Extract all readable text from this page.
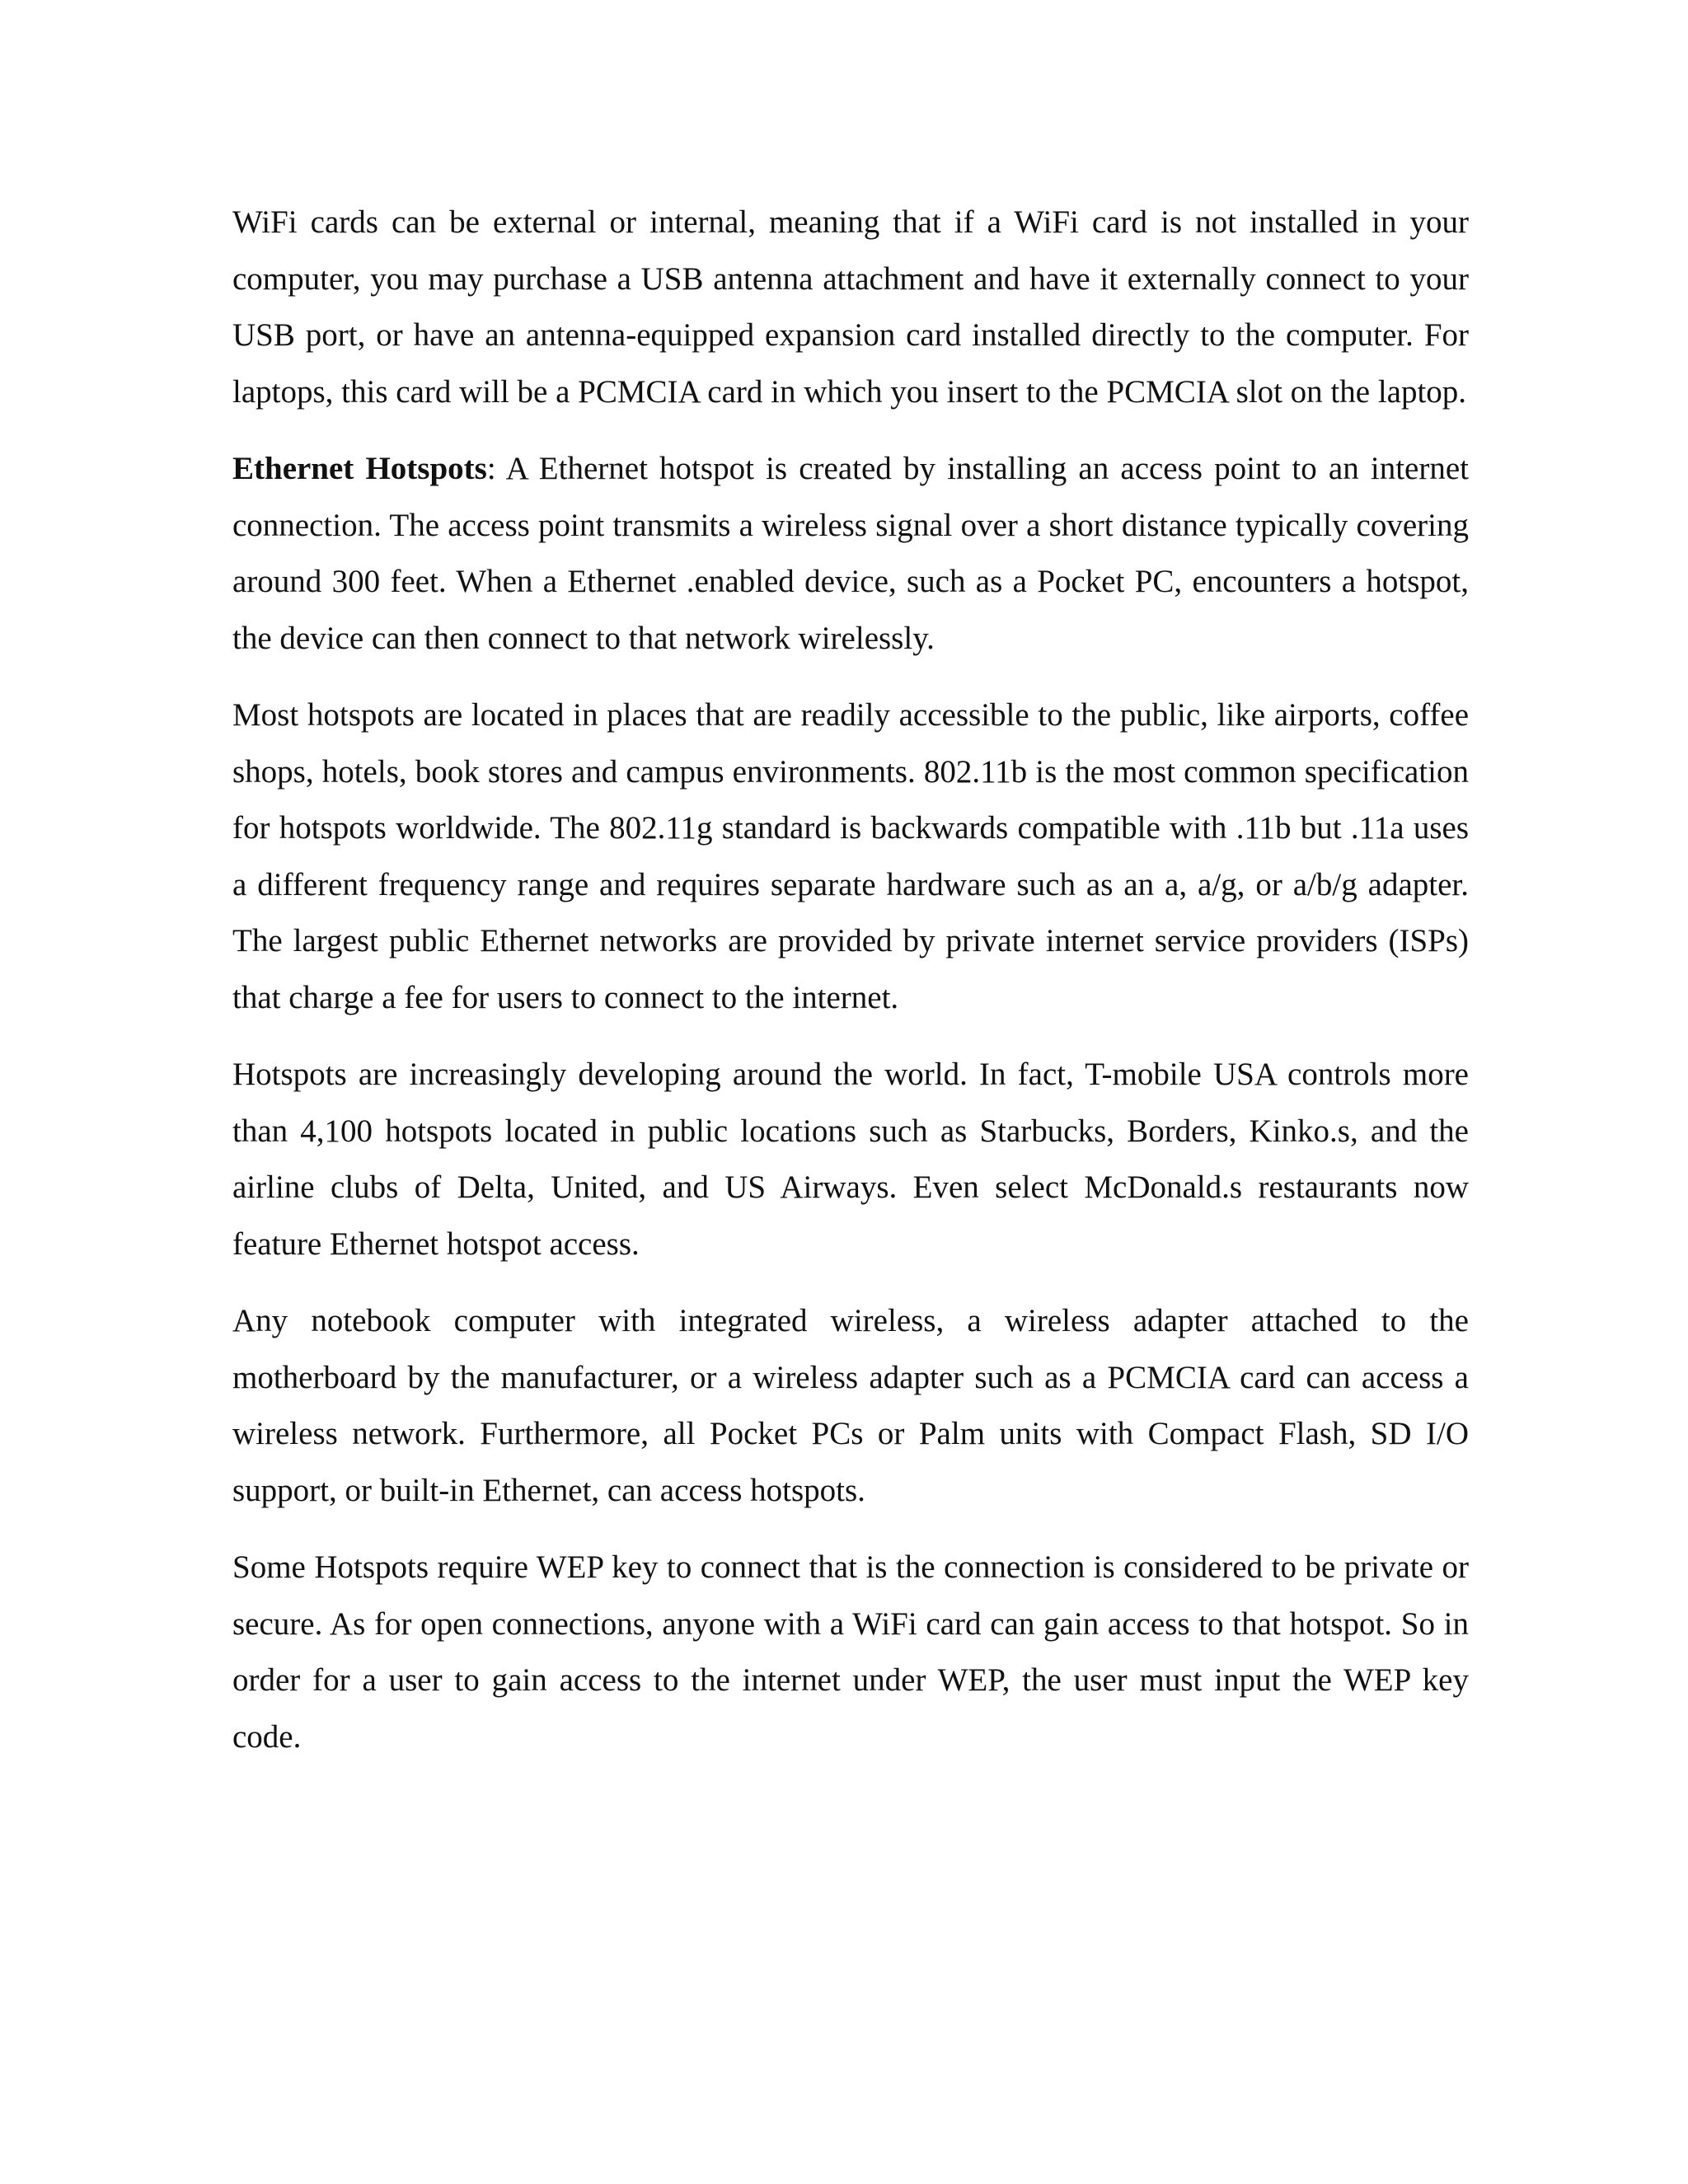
WiFi cards can be external or internal, meaning that if a WiFi card is not installed in your computer, you may purchase a USB antenna attachment and have it externally connect to your USB port, or have an antenna-equipped expansion card installed directly to the computer. For laptops, this card will be a PCMCIA card in which you insert to the PCMCIA slot on the laptop.

Ethernet Hotspots: A Ethernet hotspot is created by installing an access point to an internet connection. The access point transmits a wireless signal over a short distance typically covering around 300 feet. When a Ethernet .enabled device, such as a Pocket PC, encounters a hotspot, the device can then connect to that network wirelessly.

Most hotspots are located in places that are readily accessible to the public, like airports, coffee shops, hotels, book stores and campus environments. 802.11b is the most common specification for hotspots worldwide. The 802.11g standard is backwards compatible with .11b but .11a uses a different frequency range and requires separate hardware such as an a, a/g, or a/b/g adapter. The largest public Ethernet networks are provided by private internet service providers (ISPs) that charge a fee for users to connect to the internet.

Hotspots are increasingly developing around the world. In fact, T-mobile USA controls more than 4,100 hotspots located in public locations such as Starbucks, Borders, Kinko.s, and the airline clubs of Delta, United, and US Airways. Even select McDonald.s restaurants now feature Ethernet hotspot access.

Any notebook computer with integrated wireless, a wireless adapter attached to the motherboard by the manufacturer, or a wireless adapter such as a PCMCIA card can access a wireless network. Furthermore, all Pocket PCs or Palm units with Compact Flash, SD I/O support, or built-in Ethernet, can access hotspots.

Some Hotspots require WEP key to connect that is the connection is considered to be private or secure. As for open connections, anyone with a WiFi card can gain access to that hotspot. So in order for a user to gain access to the internet under WEP, the user must input the WEP key code.
